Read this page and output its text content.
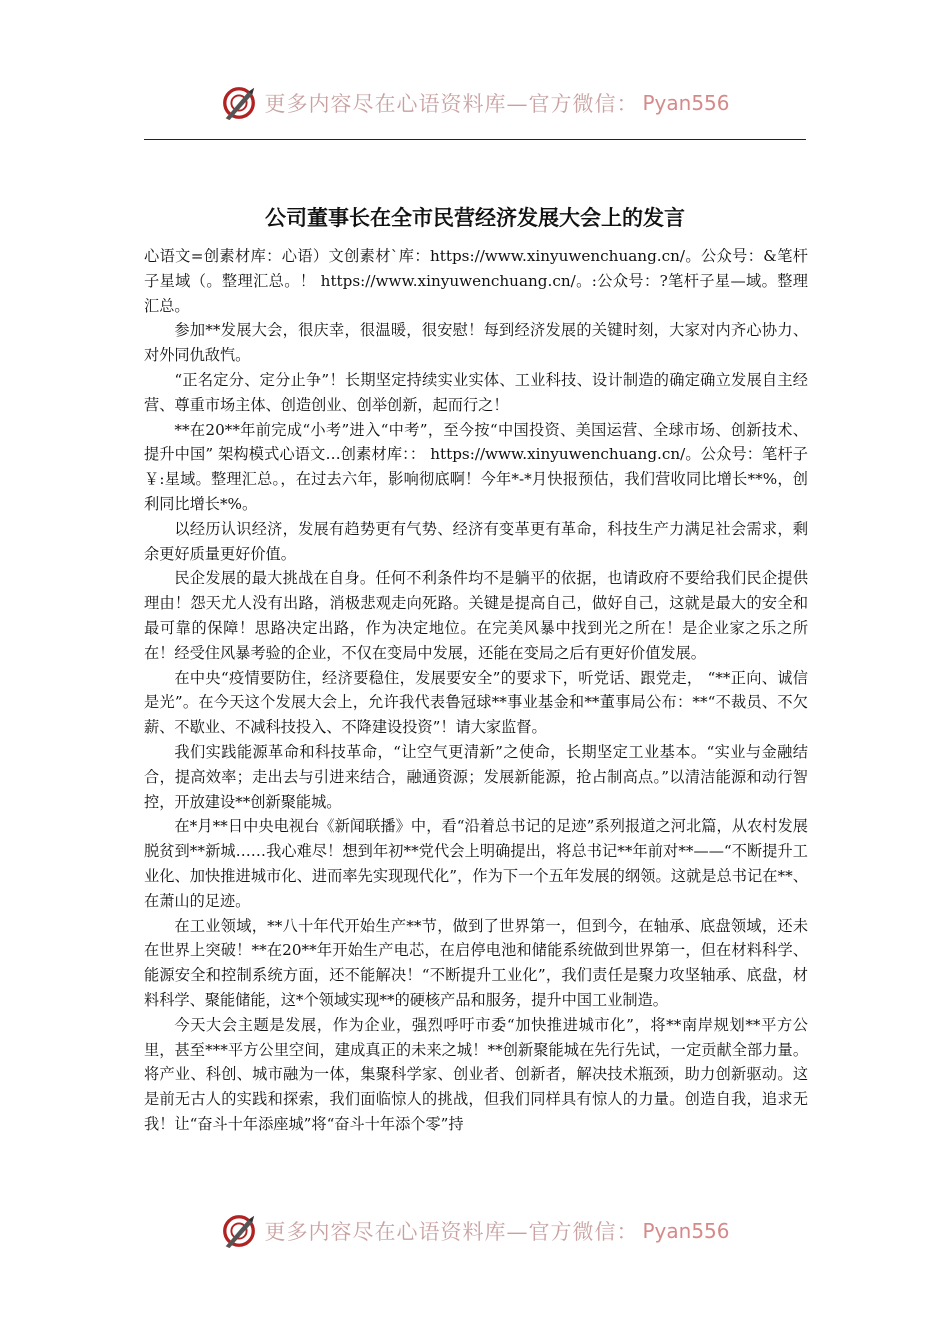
更多内容尽在心语资料库—官方微信： Pyan556
公司董事长在全市民营经济发展大会上的发言

心语文=创素材库：心语）文创素材`库：https://www.xinyuwenchuang.cn/。公众号：&笔杆子星域（。整理汇总。！ https://www.xinyuwenchuang.cn/。:公众号：?笔杆子星—域。整理汇总。

参加**发展大会，很庆幸，很温暖，很安慰！每到经济发展的关键时刻，大家对内齐心协力、对外同仇敌忾。

“正名定分、定分止争”！长期坚定持续实业实体、工业科技、设计制造的确定确立发展自主经营、尊重市场主体、创造创业、创举创新，起而行之！

**在20**年前完成“小考”进入“中考”，至今按“中国投资、美国运营、全球市场、创新技术、提升中国” 架构模式心语文…创素材库：： https://www.xinyuwenchuang.cn/。公众号：笔杆子￥:星域。整理汇总。，在过去六年，影响彻底啊！今年*-*月快报预估，我们营收同比增长**%，创利同比增长*%。

以经历认识经济，发展有趋势更有气势、经济有变革更有革命，科技生产力满足社会需求，剩余更好质量更好价值。

民企发展的最大挑战在自身。任何不利条件均不是躺平的依据，也请政府不要给我们民企提供理由！怨天尤人没有出路，消极悲观走向死路。关键是提高自己，做好自己，这就是最大的安全和最可靠的保障！思路决定出路，作为决定地位。在完美风暴中找到光之所在！是企业家之乐之所在！经受住风暴考验的企业，不仅在变局中发展，还能在变局之后有更好价值发展。

在中央“疫情要防住，经济要稳住，发展要安全”的要求下，听党话、跟党走， “**正向、诚信是光”。在今天这个发展大会上，允许我代表鲁冠球**事业基金和**董事局公布：**“不裁员、不欠薪、不歇业、不减科技投入、不降建设投资”！请大家监督。

我们实践能源革命和科技革命，“让空气更清新”之使命，长期坚定工业基本。“实业与金融结合，提高效率；走出去与引进来结合，融通资源；发展新能源，抢占制高点。”以清洁能源和动行智控，开放建设**创新聚能城。

在*月**日中央电视台《新闻联播》中，看“沿着总书记的足迹”系列报道之河北篇，从农村发展脱贫到**新城……我心难尽！想到年初**党代会上明确提出，将总书记**年前对**——“不断提升工业化、加快推进城市化、进而率先实现现代化”，作为下一个五年发展的纲领。这就是总书记在**、在萧山的足迹。

在工业领域，**八十年代开始生产**节，做到了世界第一，但到今，在轴承、底盘领域，还未在世界上突破！**在20**年开始生产电芯，在启停电池和储能系统做到世界第一，但在材料科学、能源安全和控制系统方面，还不能解决！“不断提升工业化”，我们责任是聚力攻坚轴承、底盘，材料科学、聚能储能，这*个领域实现**的硬核产品和服务，提升中国工业制造。

今天大会主题是发展，作为企业，强烈呼吁市委“加快推进城市化”，将**南岸规划**平方公里，甚至***平方公里空间，建成真正的未来之城！**创新聚能城在先行先试，一定贡献全部力量。将产业、科创、城市融为一体，集聚科学家、创业者、创新者，解决技术瓶颈，助力创新驱动。这是前无古人的实践和探索，我们面临惊人的挑战，但我们同样具有惊人的力量。创造自我，追求无我！让“奋斗十年添座城”将“奋斗十年添个零”持

更多内容尽在心语资料库—官方微信： Pyan556
